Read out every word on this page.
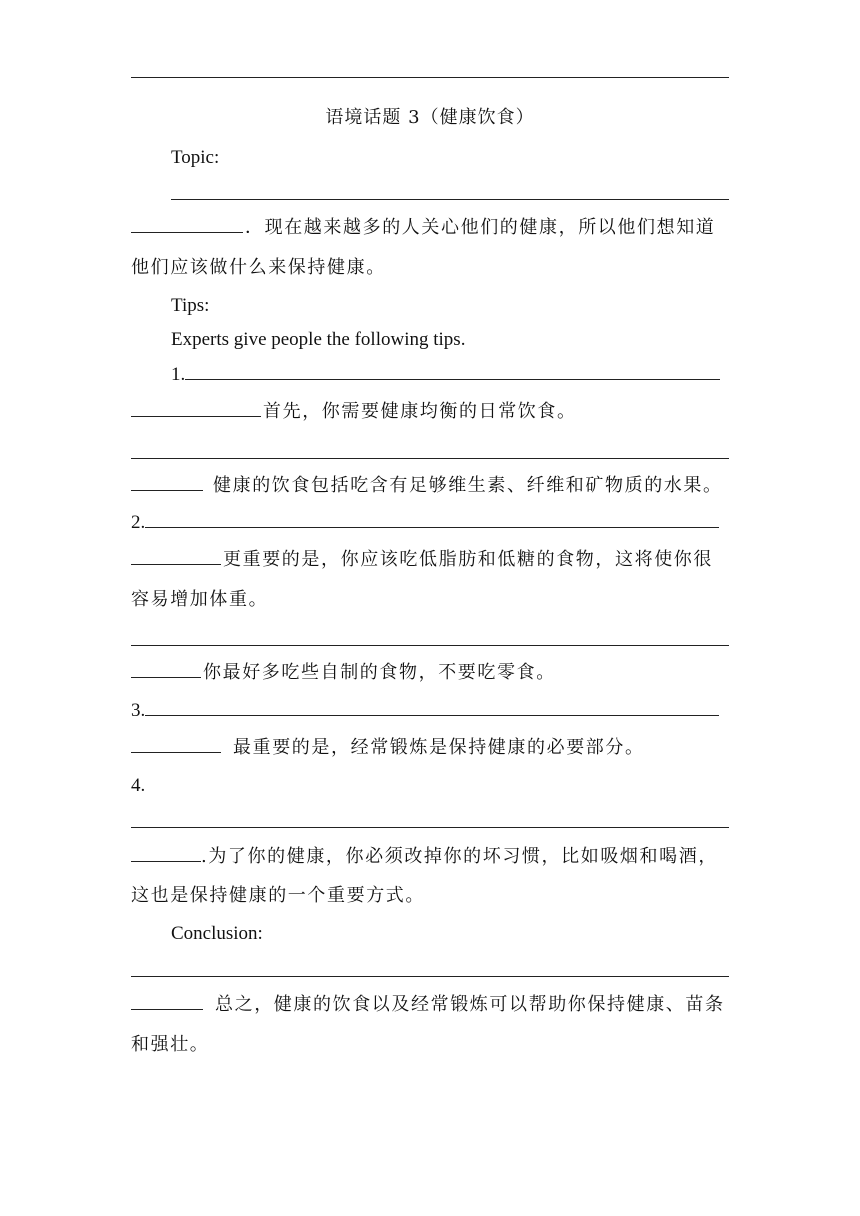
语境话题 3（健康饮食）
Topic:
．现在越来越多的人关心他们的健康，所以他们想知道
他们应该做什么来保持健康。
Tips:
Experts give people the following tips.
1.
首先，你需要健康均衡的日常饮食。
健康的饮食包括吃含有足够维生素、纤维和矿物质的水果。
2.
更重要的是，你应该吃低脂肪和低糖的食物，这将使你很
容易增加体重。
你最好多吃些自制的食物，不要吃零食。
3.
最重要的是，经常锻炼是保持健康的必要部分。
4.
.为了你的健康，你必须改掉你的坏习惯，比如吸烟和喝酒，
这也是保持健康的一个重要方式。
Conclusion:
总之，健康的饮食以及经常锻炼可以帮助你保持健康、苗条
和强壮。
